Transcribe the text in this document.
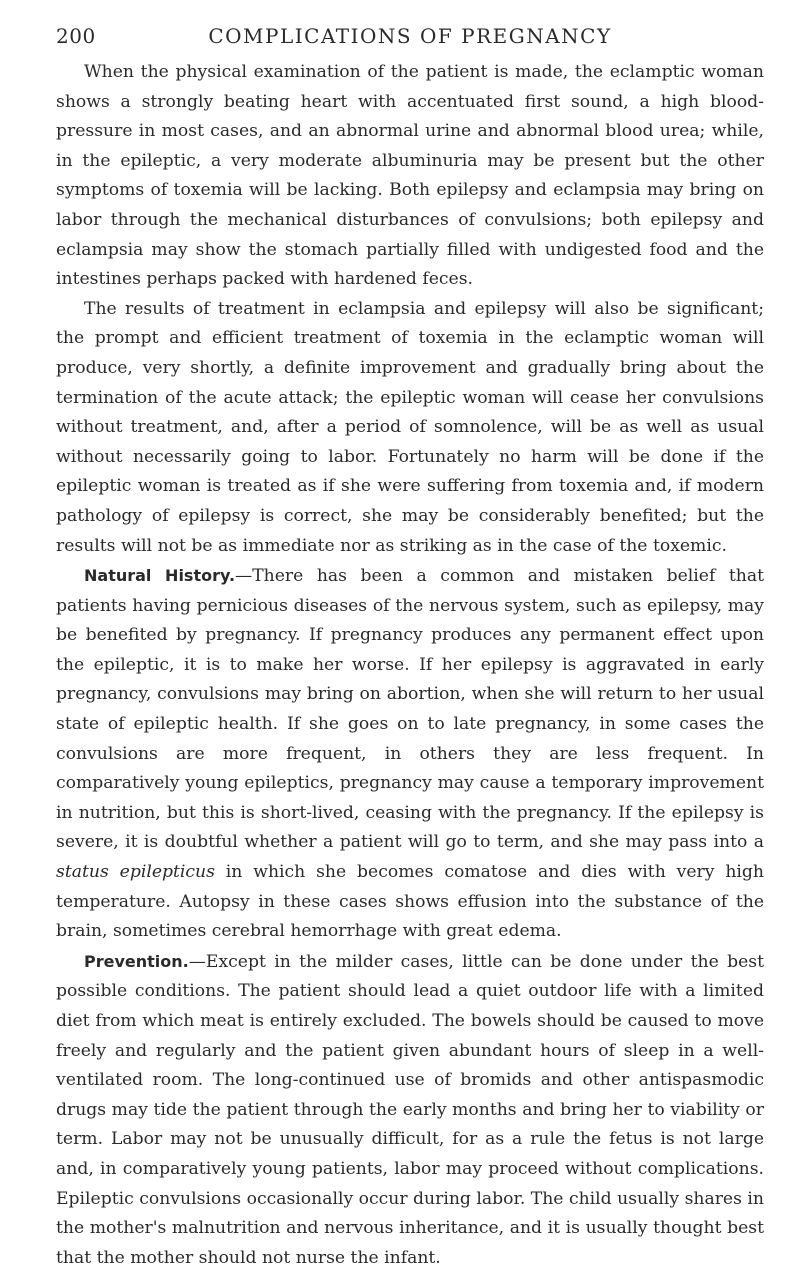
200	COMPLICATIONS OF PREGNANCY

When the physical examination of the patient is made, the eclamptic woman shows a strongly beating heart with accentuated first sound, a high blood-pressure in most cases, and an abnormal urine and abnormal blood urea; while, in the epileptic, a very moderate albuminuria may be present but the other symptoms of toxemia will be lacking. Both epilepsy and eclampsia may bring on labor through the mechanical disturbances of convulsions; both epilepsy and eclampsia may show the stomach partially filled with undigested food and the intestines perhaps packed with hardened feces.

The results of treatment in eclampsia and epilepsy will also be significant; the prompt and efficient treatment of toxemia in the eclamptic woman will produce, very shortly, a definite improvement and gradually bring about the termination of the acute attack; the epileptic woman will cease her convulsions without treatment, and, after a period of somnolence, will be as well as usual without necessarily going to labor. Fortunately no harm will be done if the epileptic woman is treated as if she were suffering from toxemia and, if modern pathology of epilepsy is correct, she may be considerably benefited; but the results will not be as immediate nor as striking as in the case of the toxemic.

Natural History.—There has been a common and mistaken belief that patients having pernicious diseases of the nervous system, such as epilepsy, may be benefited by pregnancy. If pregnancy produces any permanent effect upon the epileptic, it is to make her worse. If her epilepsy is aggravated in early pregnancy, convulsions may bring on abortion, when she will return to her usual state of epileptic health. If she goes on to late pregnancy, in some cases the convulsions are more frequent, in others they are less frequent. In comparatively young epileptics, pregnancy may cause a temporary improvement in nutrition, but this is short-lived, ceasing with the pregnancy. If the epilepsy is severe, it is doubtful whether a patient will go to term, and she may pass into a status epilepticus in which she becomes comatose and dies with very high temperature. Autopsy in these cases shows effusion into the substance of the brain, sometimes cerebral hemorrhage with great edema.

Prevention.—Except in the milder cases, little can be done under the best possible conditions. The patient should lead a quiet outdoor life with a limited diet from which meat is entirely excluded. The bowels should be caused to move freely and regularly and the patient given abundant hours of sleep in a well-ventilated room. The long-continued use of bromids and other antispasmodic drugs may tide the patient through the early months and bring her to viability or term. Labor may not be unusually difficult, for as a rule the fetus is not large and, in comparatively young patients, labor may proceed without complications. Epileptic convulsions occasionally occur during labor. The child usually shares in the mother's malnutrition and nervous inheritance, and it is usually thought best that the mother should not nurse the infant.
